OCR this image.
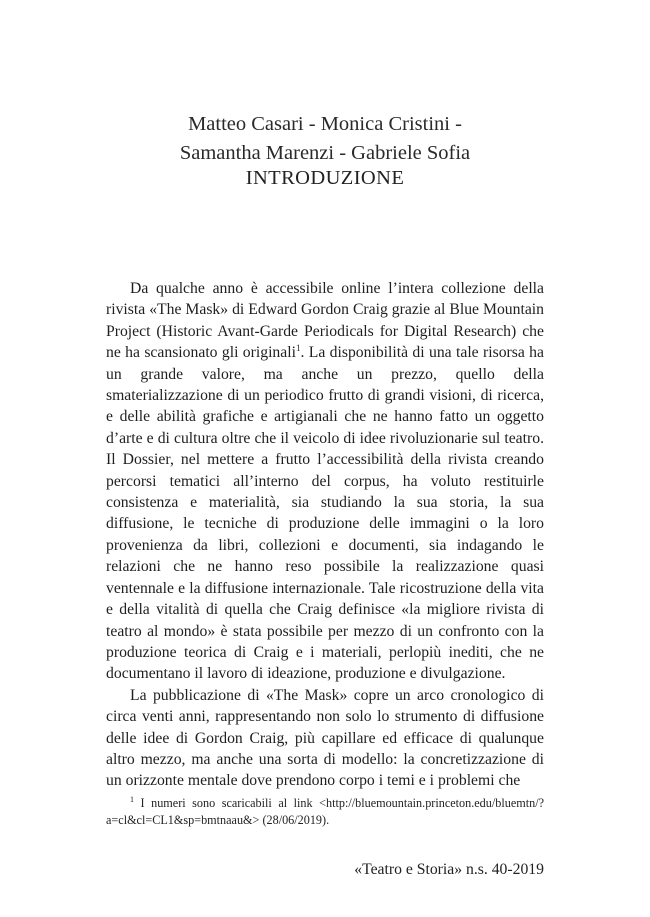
Matteo Casari - Monica Cristini -
Samantha Marenzi - Gabriele Sofia
INTRODUZIONE

Da qualche anno è accessibile online l’intera collezione della rivista «The Mask» di Edward Gordon Craig grazie al Blue Mountain Project (Historic Avant-Garde Periodicals for Digital Research) che ne ha scansionato gli originali$^1$. La disponibilità di una tale risorsa ha un grande valore, ma anche un prezzo, quello della smaterializzazione di un periodico frutto di grandi visioni, di ricerca, e delle abilità grafiche e artigianali che ne hanno fatto un oggetto d’arte e di cultura oltre che il veicolo di idee rivoluzionarie sul teatro. Il Dossier, nel mettere a frutto l’accessibilità della rivista creando percorsi tematici all’interno del corpus, ha voluto restituirle consistenza e materialità, sia studiando la sua storia, la sua diffusione, le tecniche di produzione delle immagini o la loro provenienza da libri, collezioni e documenti, sia indagando le relazioni che ne hanno reso possibile la realizzazione quasi ventennale e la diffusione internazionale. Tale ricostruzione della vita e della vitalità di quella che Craig definisce «la migliore rivista di teatro al mondo» è stata possibile per mezzo di un confronto con la produzione teorica di Craig e i materiali, perlopiù inediti, che ne documentano il lavoro di ideazione, produzione e divulgazione.

La pubblicazione di «The Mask» copre un arco cronologico di circa venti anni, rappresentando non solo lo strumento di diffusione delle idee di Gordon Craig, più capillare ed efficace di qualunque altro mezzo, ma anche una sorta di modello: la concretizzazione di un orizzonte mentale dove prendono corpo i temi e i problemi che

$^1$ I numeri sono scaricabili al link <http://bluemountain.princeton.edu/bluemtn/?a=cl&cl=CL1&sp=bmtnaau&> (28/06/2019).
«Teatro e Storia» n.s. 40-2019
